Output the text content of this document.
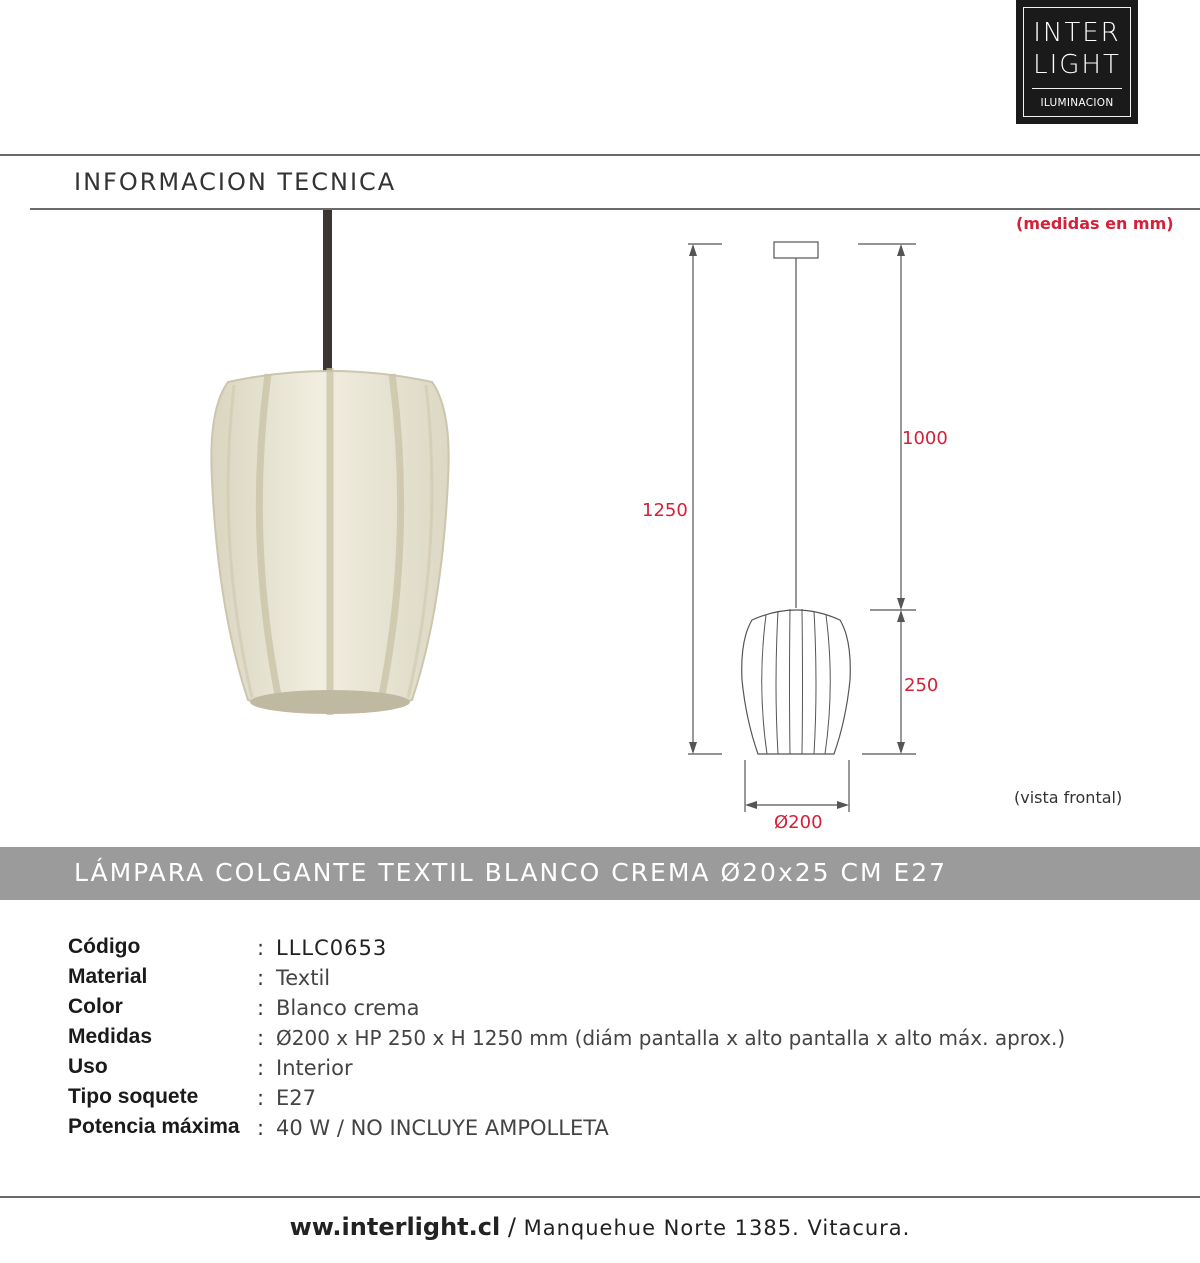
INTER
LIGHT
ILUMINACION
INFORMACION TECNICA
(medidas en mm)
1250
1000
250
Ø200
(vista frontal)
LÁMPARA COLGANTE TEXTIL BLANCO CREMA Ø20x25 CM E27
Código	: LLLC0653
Material	: Textil
Color	: Blanco crema
Medidas	: Ø200 x HP 250 x H 1250 mm (diám pantalla x alto pantalla x alto máx. aprox.)
Uso	: Interior
Tipo soquete	: E27
Potencia máxima : 40 W / NO INCLUYE AMPOLLETA
ww.interlight.cl / Manquehue Norte 1385. Vitacura.
